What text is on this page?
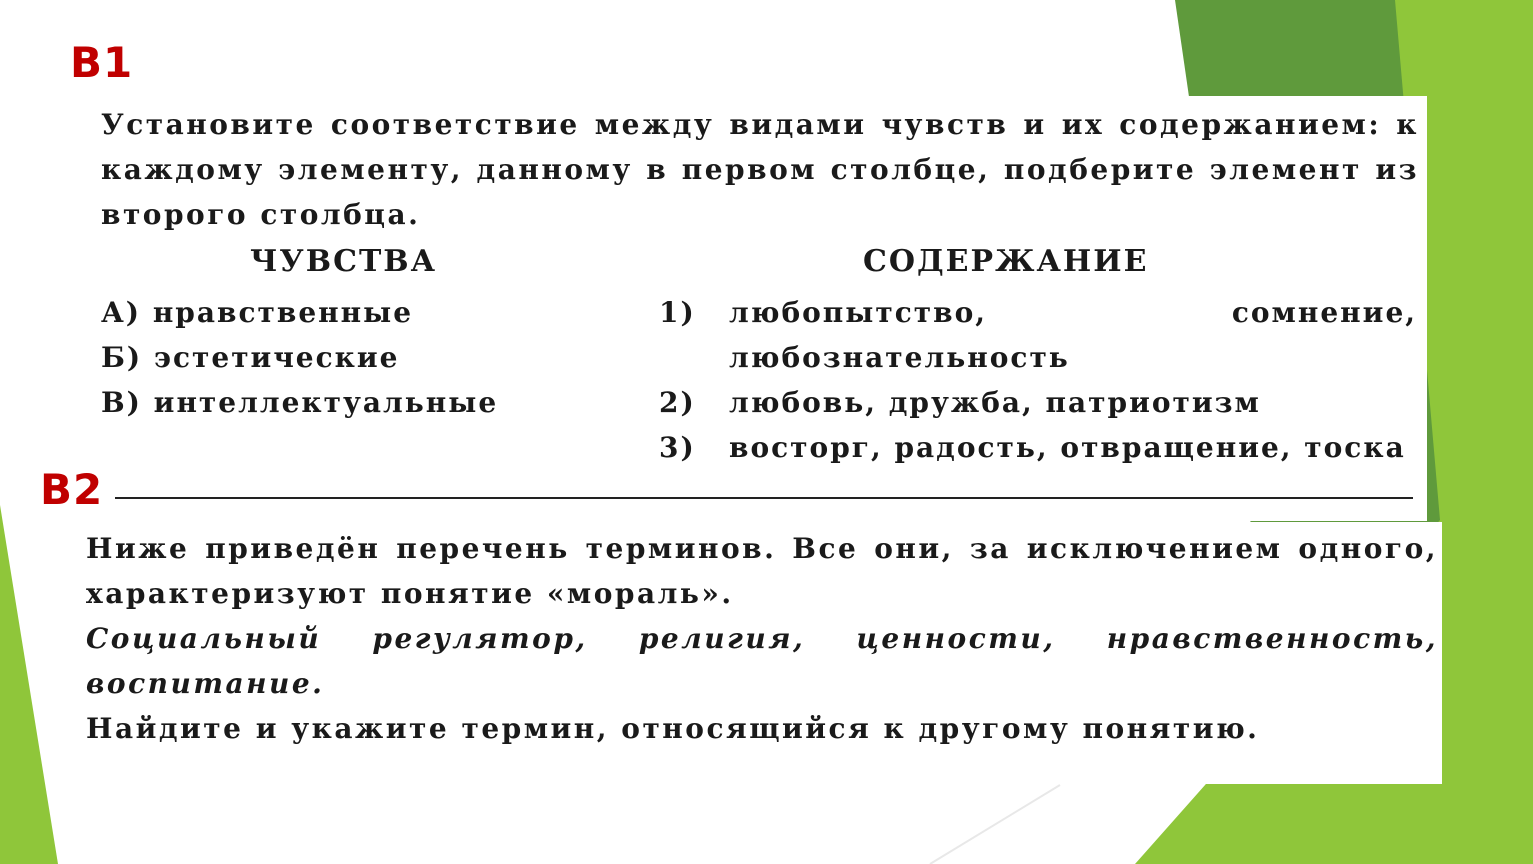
B1

Установите соответствие между видами чувств и их содержанием: к каждому элементу, данному в первом столбце, подберите элемент из второго столбца.

ЧУВСТВА	СОДЕРЖАНИЕ
А) нравственные
Б) эстетические
В) интеллектуальные
1) любопытство, сомнение, любознательность
2) любовь, дружба, патриотизм
3) восторг, радость, отвращение, тоска
B2

Ниже приведён перечень терминов. Все они, за исключением одного, характеризуют понятие «мораль».

Социальный регулятор, религия, ценности, нравственность, воспитание.

Найдите и укажите термин, относящийся к другому понятию.
